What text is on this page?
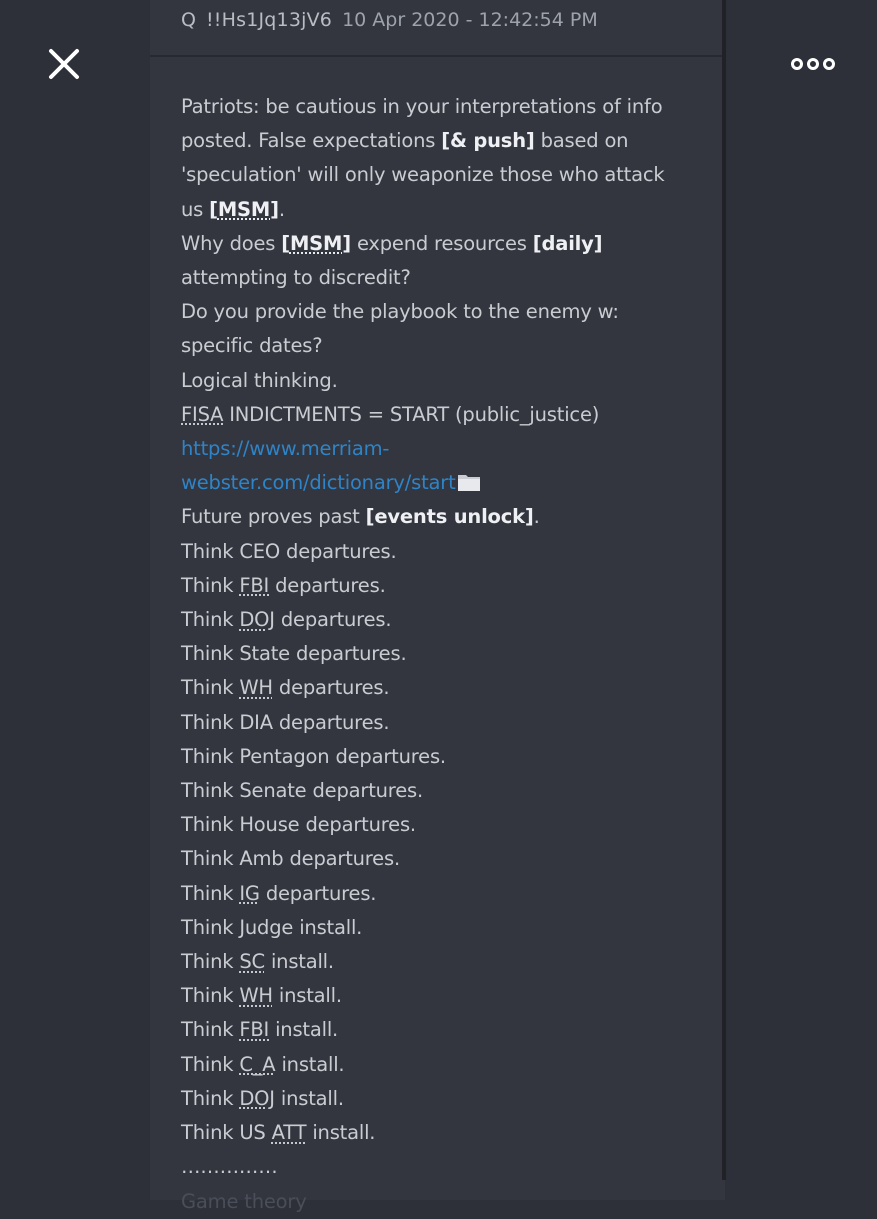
Q !!Hs1Jq13jV6 10 Apr 2020 - 12:42:54 PM
Patriots: be cautious in your interpretations of info
posted. False expectations [& push] based on
'speculation' will only weaponize those who attack
us [MSM].
Why does [MSM] expend resources [daily]
attempting to discredit?
Do you provide the playbook to the enemy w:
specific dates?
Logical thinking.
FISA INDICTMENTS = START (public_justice)
https://www.merriam-
webster.com/dictionary/start
Future proves past [events unlock].
Think CEO departures.
Think FBI departures.
Think DOJ departures.
Think State departures.
Think WH departures.
Think DIA departures.
Think Pentagon departures.
Think Senate departures.
Think House departures.
Think Amb departures.
Think IG departures.
Think Judge install.
Think SC install.
Think WH install.
Think FBI install.
Think C_A install.
Think DOJ install.
Think US ATT install.
……………
Game theory
